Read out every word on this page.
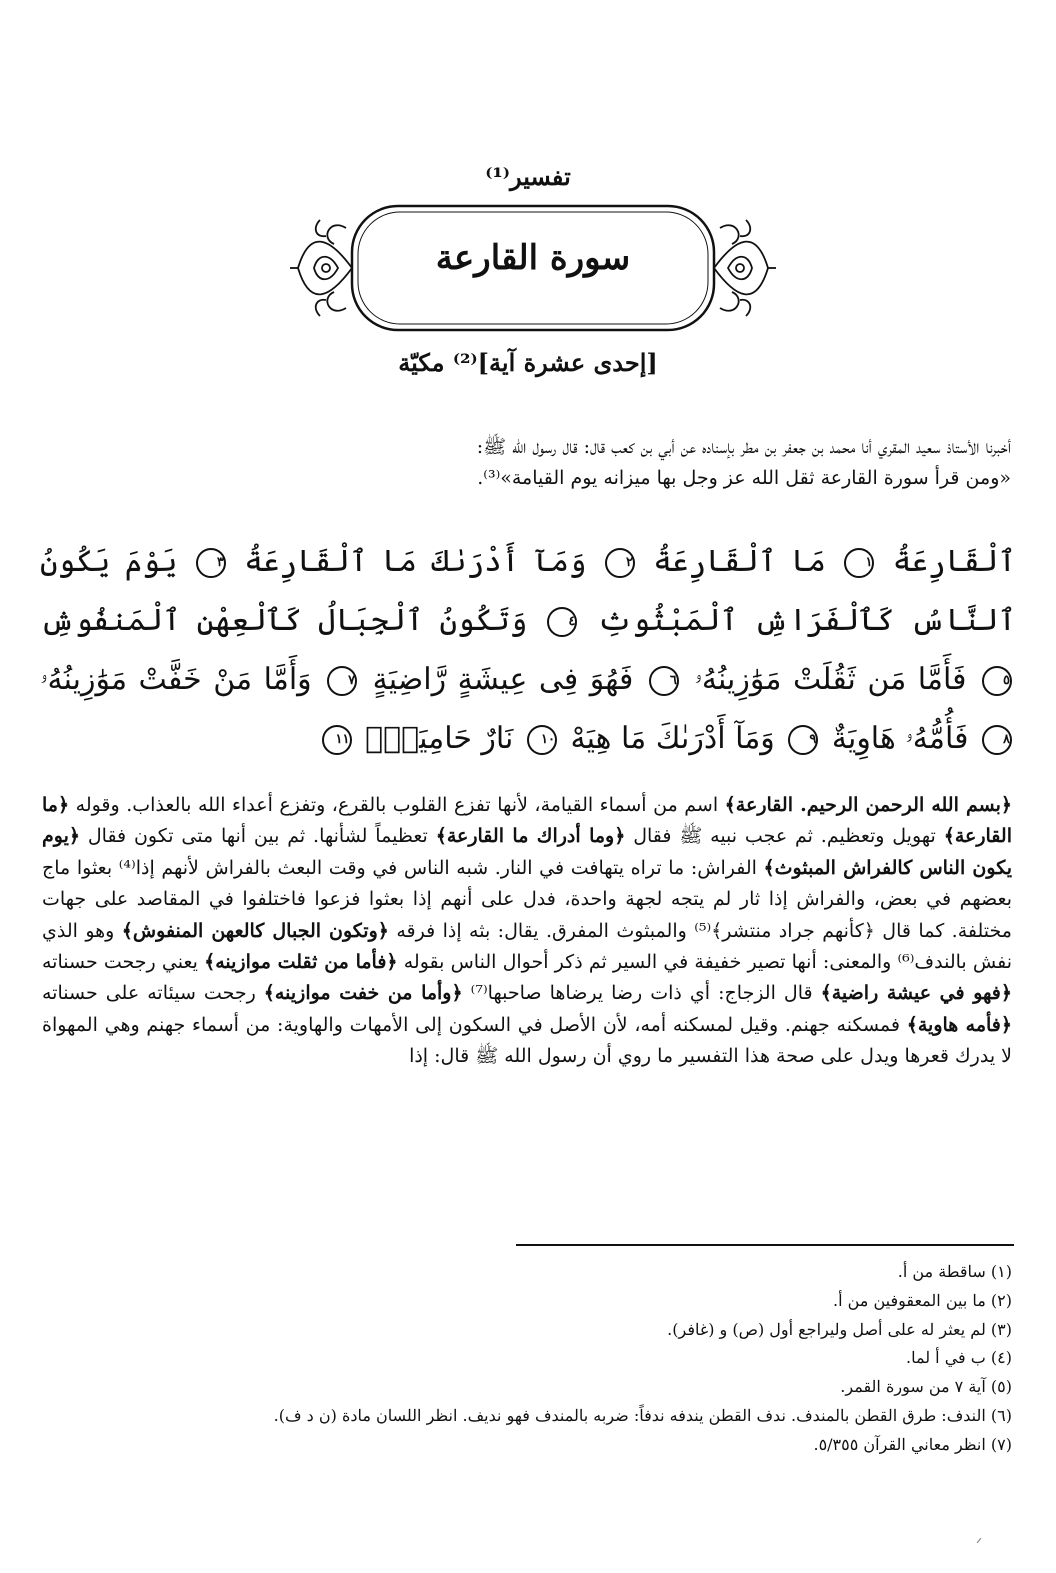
تفسير⁽¹⁾
سورة القارعة
[إحدى عشرة آية]⁽²⁾ مكيّة

أخبرنا الأستاذ سعيد المقري أنا محمد بن جعفر بن مطر بإسناده عن أبي بن كعب قال: قال رسول الله ﷺ:

«ومن قرأ سورة القارعة ثقل الله عز وجل بها ميزانه يوم القيامة»⁽³⁾.

ٱلْقَارِعَةُ ١ مَا ٱلْقَارِعَةُ ٢ وَمَآ أَدْرَىٰكَ مَا ٱلْقَارِعَةُ ٣ يَوْمَ يَكُونُ ٱلنَّاسُ كَٱلْفَرَاشِ ٱلْمَبْثُوثِ ٤ وَتَكُونُ ٱلْجِبَالُ كَٱلْعِهْنِ ٱلْمَنفُوشِ ٥ فَأَمَّا مَن ثَقُلَتْ مَوَٰزِينُهُۥ ٦ فَهُوَ فِى عِيشَةٍ رَّاضِيَةٍ ٧ وَأَمَّا مَنْ خَفَّتْ مَوَٰزِينُهُۥ ٨ فَأُمُّهُۥ هَاوِيَةٌ ٩ وَمَآ أَدْرَىٰكَ مَا هِيَهْ ١٠ نَارٌ حَامِيَةٌۢ ١١

﴿بسم الله الرحمن الرحيم. القارعة﴾ اسم من أسماء القيامة، لأنها تفزع القلوب بالقرع، وتفزع أعداء الله بالعذاب. وقوله ﴿ما القارعة﴾ تهويل وتعظيم. ثم عجب نبيه ﷺ فقال ﴿وما أدراك ما القارعة﴾ تعظيماً لشأنها. ثم بين أنها متى تكون فقال ﴿يوم يكون الناس كالفراش المبثوث﴾ الفراش: ما تراه يتهافت في النار. شبه الناس في وقت البعث بالفراش لأنهم إذا⁽⁴⁾ بعثوا ماج بعضهم في بعض، والفراش إذا ثار لم يتجه لجهة واحدة، فدل على أنهم إذا بعثوا فزعوا فاختلفوا في المقاصد على جهات مختلفة. كما قال ﴿كأنهم جراد منتشر﴾⁽⁵⁾ والمبثوث المفرق. يقال: بثه إذا فرقه ﴿وتكون الجبال كالعهن المنفوش﴾ وهو الذي نفش بالندف⁽⁶⁾ والمعنى: أنها تصير خفيفة في السير ثم ذكر أحوال الناس بقوله ﴿فأما من ثقلت موازينه﴾ يعني رجحت حسناته ﴿فهو في عيشة راضية﴾ قال الزجاج: أي ذات رضا يرضاها صاحبها⁽⁷⁾ ﴿وأما من خفت موازينه﴾ رجحت سيئاته على حسناته ﴿فأمه هاوية﴾ فمسكنه جهنم. وقيل لمسكنه أمه، لأن الأصل في السكون إلى الأمهات والهاوية: من أسماء جهنم وهي المهواة لا يدرك قعرها ويدل على صحة هذا التفسير ما روي أن رسول الله ﷺ قال: إذا

(١) ساقطة من أ.
(٢) ما بين المعقوفين من أ.
(٣) لم يعثر له على أصل وليراجع أول (ص) و (غافر).
(٤) ب في أ لما.
(٥) آية ٧ من سورة القمر.
(٦) الندف: طرق القطن بالمندف. ندف القطن يندفه ندفاً: ضربه بالمندف فهو نديف. انظر اللسان مادة (ن د ف).
(٧) انظر معاني القرآن ٥/٣٥٥.
